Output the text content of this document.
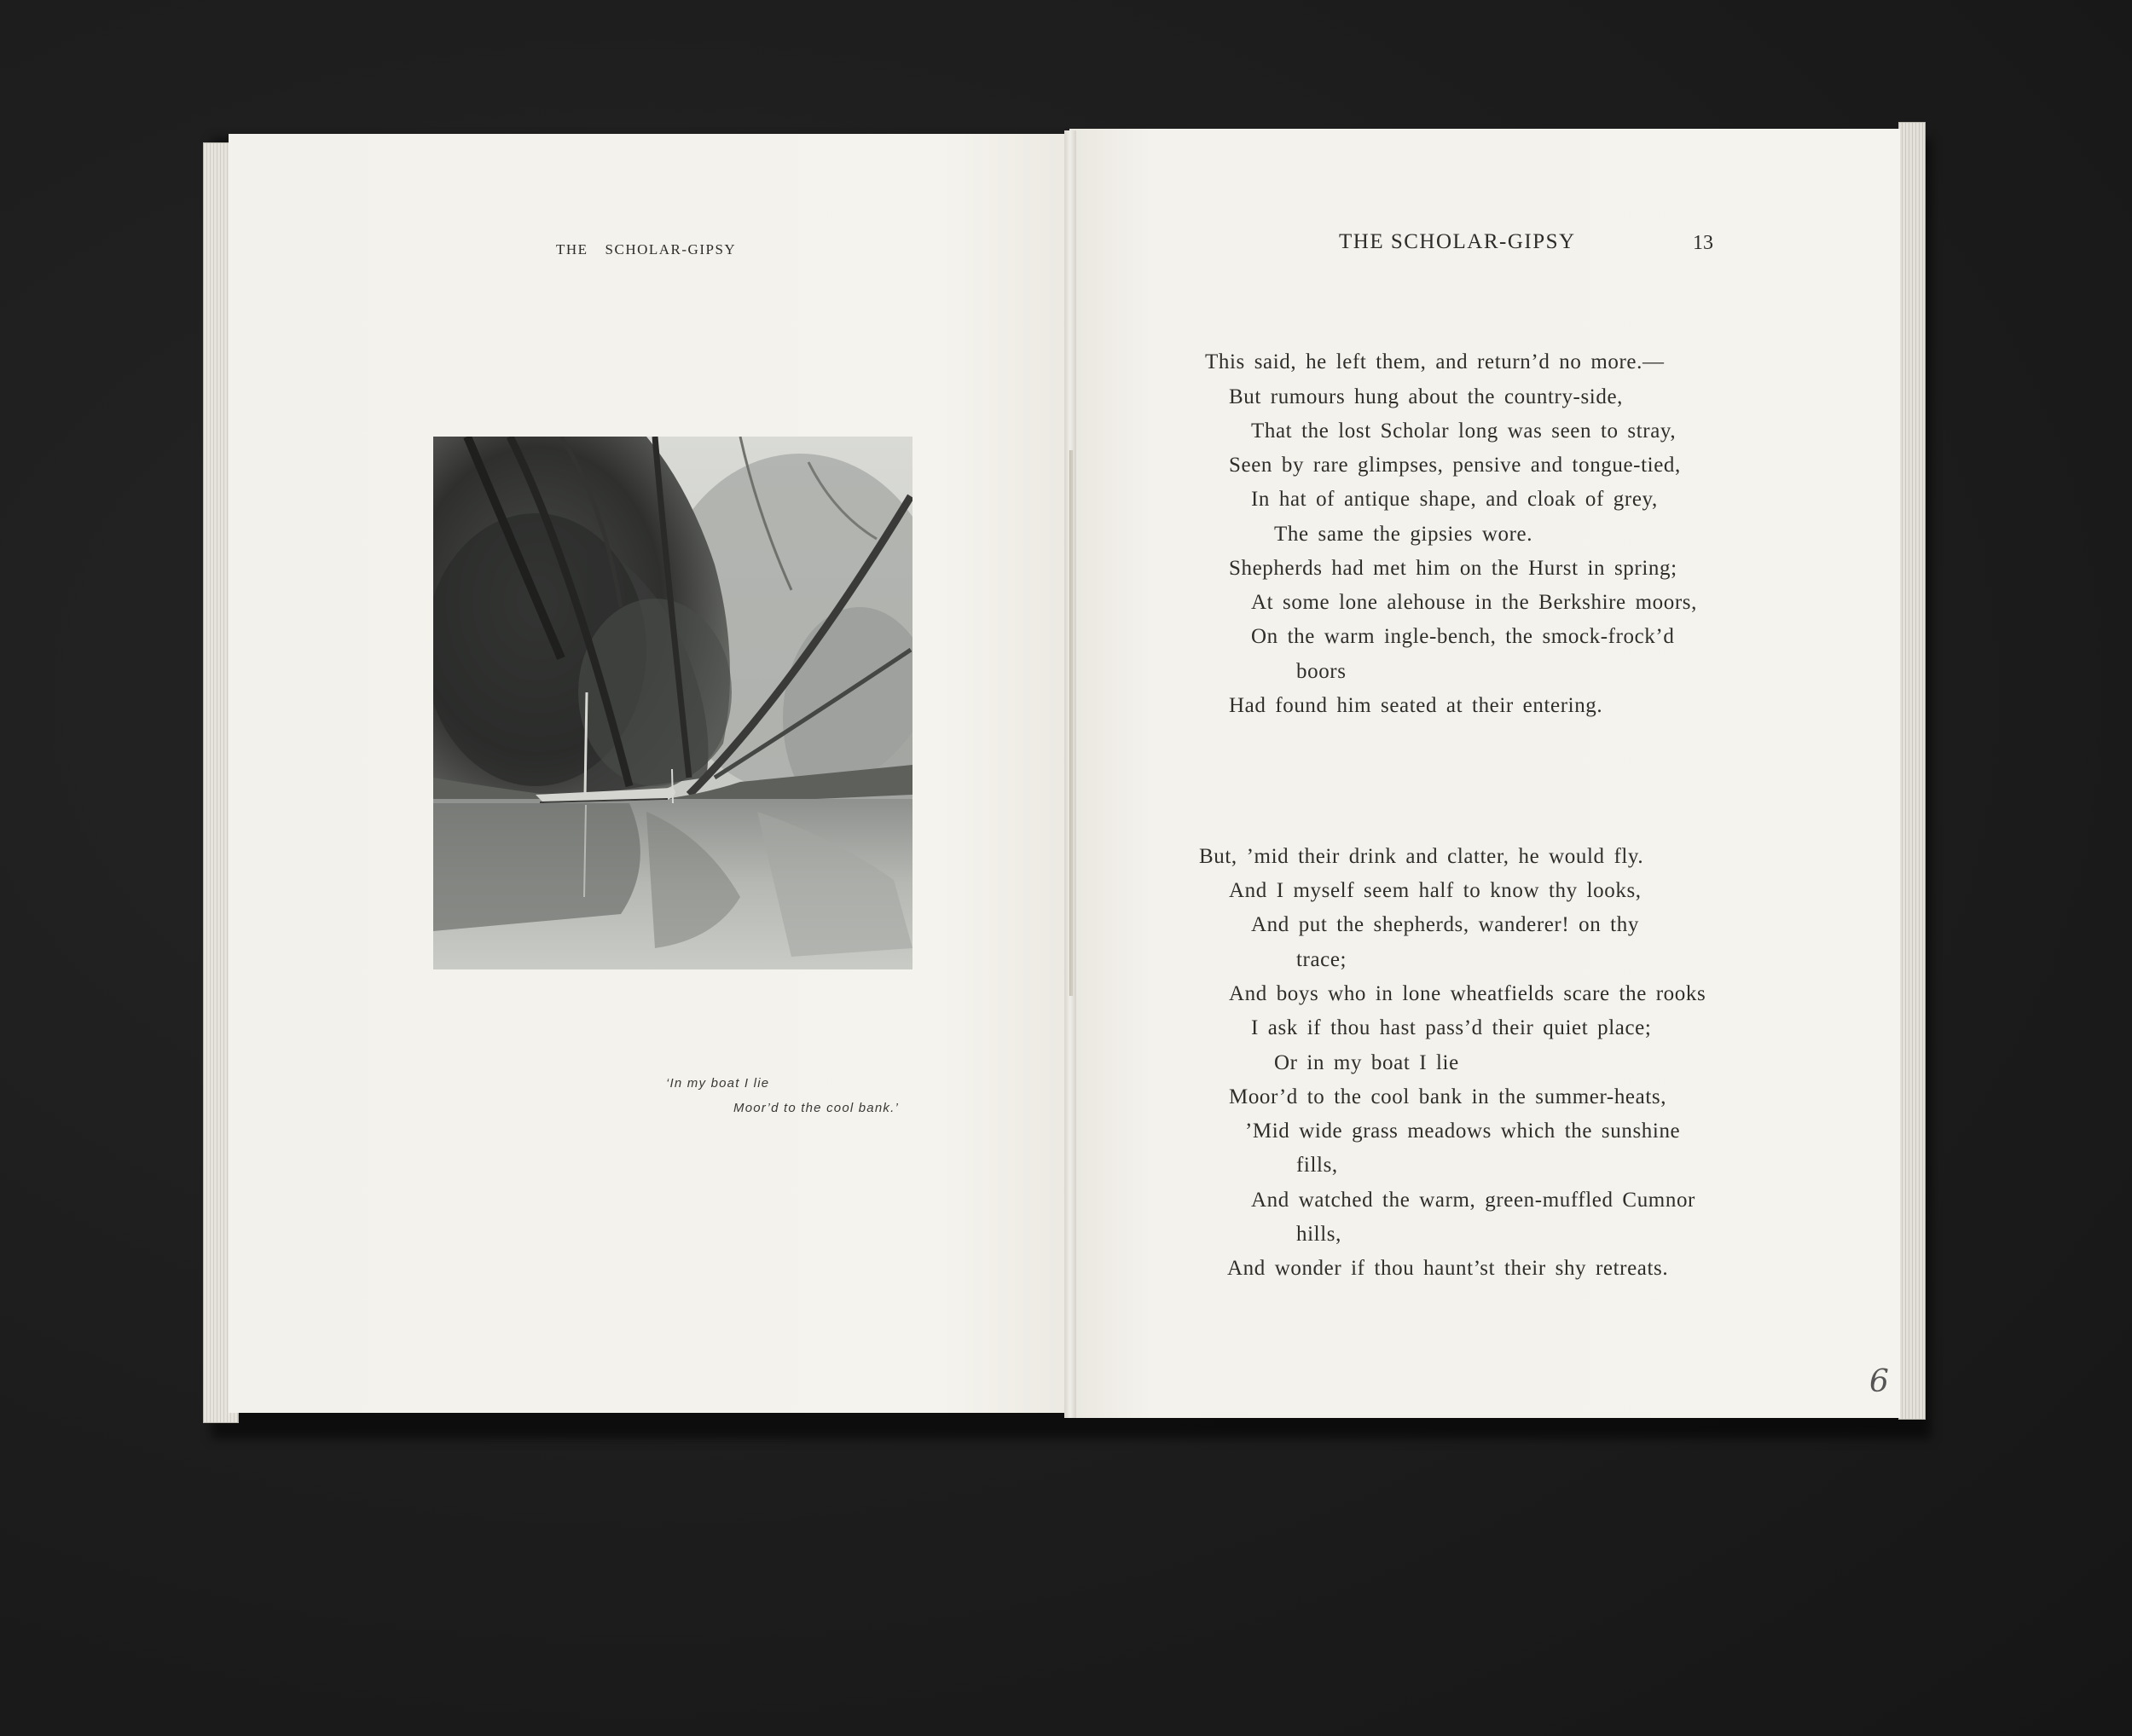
THE SCHOLAR-GIPSY
‘In my boat I lie
Moor’d to the cool bank.’
THE SCHOLAR-GIPSY	13
This said, he left them, and return’d no more.—
But rumours hung about the country-side,
That the lost Scholar long was seen to stray,
Seen by rare glimpses, pensive and tongue-tied,
In hat of antique shape, and cloak of grey,
The same the gipsies wore.
Shepherds had met him on the Hurst in spring;
At some lone alehouse in the Berkshire moors,
On the warm ingle-bench, the smock-frock’d
boors
Had found him seated at their entering.
But, ’mid their drink and clatter, he would fly.
And I myself seem half to know thy looks,
And put the shepherds, wanderer! on thy
trace;
And boys who in lone wheatfields scare the rooks
I ask if thou hast pass’d their quiet place;
Or in my boat I lie
Moor’d to the cool bank in the summer-heats,
’Mid wide grass meadows which the sunshine
fills,
And watched the warm, green-muffled Cumnor
hills,
And wonder if thou haunt’st their shy retreats.
6
